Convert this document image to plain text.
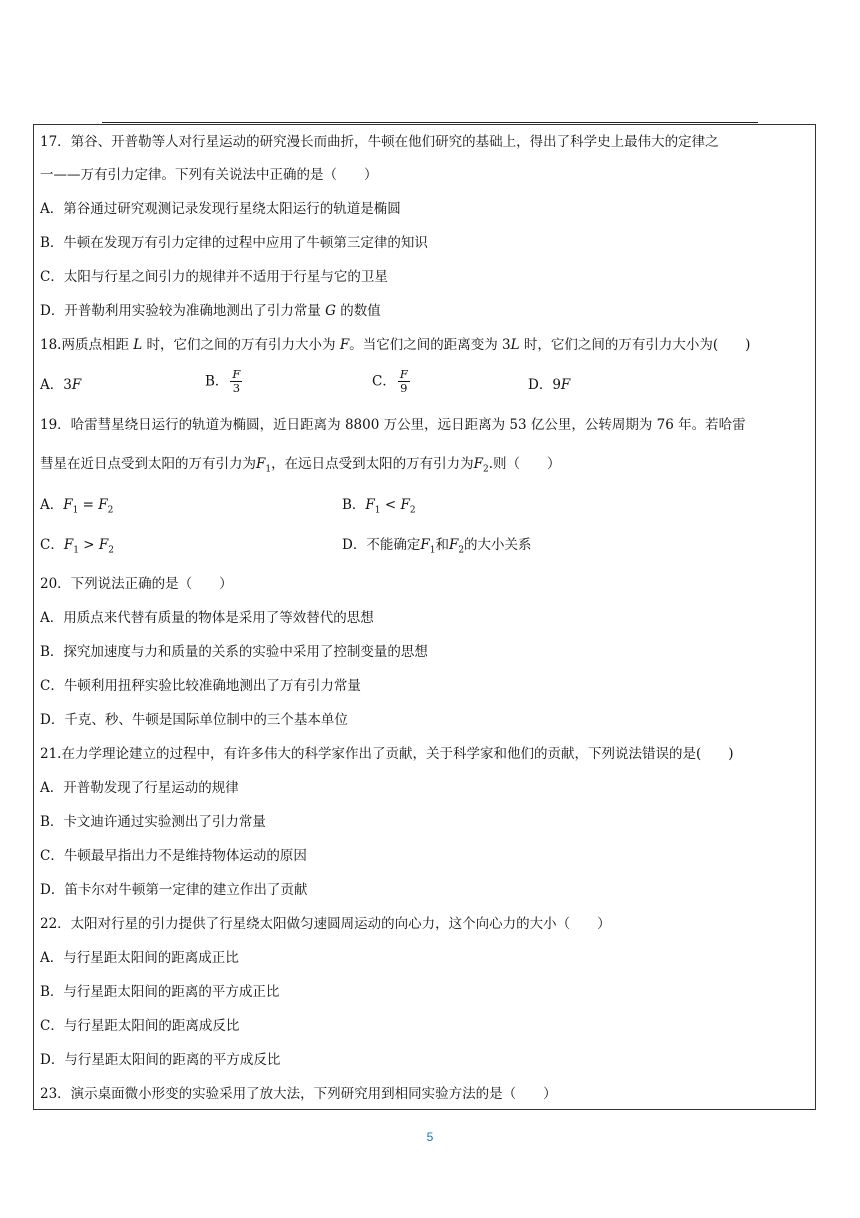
17．第谷、开普勒等人对行星运动的研究漫长而曲折，牛顿在他们研究的基础上，得出了科学史上最伟大的定律之
一——万有引力定律。下列有关说法中正确的是（　　）
A．第谷通过研究观测记录发现行星绕太阳运行的轨道是椭圆
B．牛顿在发现万有引力定律的过程中应用了牛顿第三定律的知识
C．太阳与行星之间引力的规律并不适用于行星与它的卫星
D．开普勒利用实验较为准确地测出了引力常量 G 的数值
18.两质点相距 L 时，它们之间的万有引力大小为 F。当它们之间的距离变为 3L 时，它们之间的万有引力大小为(　　)
A．3F	B． $\frac{F}{3}$	C． $\frac{F}{9}$	D．9F
19．哈雷彗星绕日运行的轨道为椭圆，近日距离为 8800 万公里，远日距离为 53 亿公里，公转周期为 76 年。若哈雷
彗星在近日点受到太阳的万有引力为$F_1$，在远日点受到太阳的万有引力为$F_2$.则（　　）
A．$F_1 = F_2$	B．$F_1 < F_2$
C．$F_1 > F_2$	D．不能确定$F_1$和$F_2$的大小关系
20．下列说法正确的是（　　）
A．用质点来代替有质量的物体是采用了等效替代的思想
B．探究加速度与力和质量的关系的实验中采用了控制变量的思想
C．牛顿利用扭秤实验比较准确地测出了万有引力常量
D．千克、秒、牛顿是国际单位制中的三个基本单位
21.在力学理论建立的过程中，有许多伟大的科学家作出了贡献，关于科学家和他们的贡献，下列说法错误的是(　　)
A．开普勒发现了行星运动的规律
B．卡文迪许通过实验测出了引力常量
C．牛顿最早指出力不是维持物体运动的原因
D．笛卡尔对牛顿第一定律的建立作出了贡献
22．太阳对行星的引力提供了行星绕太阳做匀速圆周运动的向心力，这个向心力的大小（　　）
A．与行星距太阳间的距离成正比
B．与行星距太阳间的距离的平方成正比
C．与行星距太阳间的距离成反比
D．与行星距太阳间的距离的平方成反比
23．演示桌面微小形变的实验采用了放大法，下列研究用到相同实验方法的是（　　）
5
